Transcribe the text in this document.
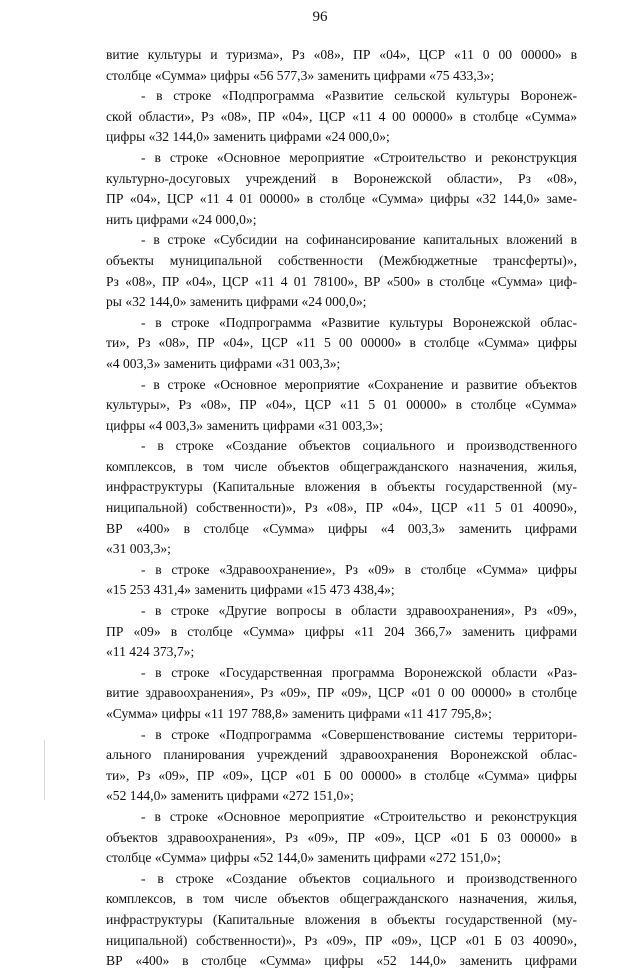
96
витие культуры и туризма», Рз «08», ПР «04», ЦСР «11 0 00 00000» в
столбце «Сумма» цифры «56 577,3» заменить цифрами «75 433,3»;
- в строке «Подпрограмма «Развитие сельской культуры Воронеж-
ской области», Рз «08», ПР «04», ЦСР «11 4 00 00000» в столбце «Сумма»
цифры «32 144,0» заменить цифрами «24 000,0»;
- в строке «Основное мероприятие «Строительство и реконструкция
культурно-досуговых учреждений в Воронежской области», Рз «08»,
ПР «04», ЦСР «11 4 01 00000» в столбце «Сумма» цифры «32 144,0» заме-
нить цифрами «24 000,0»;
- в строке «Субсидии на софинансирование капитальных вложений в
объекты муниципальной собственности (Межбюджетные трансферты)»,
Рз «08», ПР «04», ЦСР «11 4 01 78100», ВР «500» в столбце «Сумма» циф-
ры «32 144,0» заменить цифрами «24 000,0»;
- в строке «Подпрограмма «Развитие культуры Воронежской облас-
ти», Рз «08», ПР «04», ЦСР «11 5 00 00000» в столбце «Сумма» цифры
«4 003,3» заменить цифрами «31 003,3»;
- в строке «Основное мероприятие «Сохранение и развитие объектов
культуры», Рз «08», ПР «04», ЦСР «11 5 01 00000» в столбце «Сумма»
цифры «4 003,3» заменить цифрами «31 003,3»;
- в строке «Создание объектов социального и производственного
комплексов, в том числе объектов общегражданского назначения, жилья,
инфраструктуры (Капитальные вложения в объекты государственной (му-
ниципальной) собственности)», Рз «08», ПР «04», ЦСР «11 5 01 40090»,
ВР «400» в столбце «Сумма» цифры «4 003,3» заменить цифрами
«31 003,3»;
- в строке «Здравоохранение», Рз «09» в столбце «Сумма» цифры
«15 253 431,4» заменить цифрами «15 473 438,4»;
- в строке «Другие вопросы в области здравоохранения», Рз «09»,
ПР «09» в столбце «Сумма» цифры «11 204 366,7» заменить цифрами
«11 424 373,7»;
- в строке «Государственная программа Воронежской области «Раз-
витие здравоохранения», Рз «09», ПР «09», ЦСР «01 0 00 00000» в столбце
«Сумма» цифры «11 197 788,8» заменить цифрами «11 417 795,8»;
- в строке «Подпрограмма «Совершенствование системы территори-
ального планирования учреждений здравоохранения Воронежской облас-
ти», Рз «09», ПР «09», ЦСР «01 Б 00 00000» в столбце «Сумма» цифры
«52 144,0» заменить цифрами «272 151,0»;
- в строке «Основное мероприятие «Строительство и реконструкция
объектов здравоохранения», Рз «09», ПР «09», ЦСР «01 Б 03 00000» в
столбце «Сумма» цифры «52 144,0» заменить цифрами «272 151,0»;
- в строке «Создание объектов социального и производственного
комплексов, в том числе объектов общегражданского назначения, жилья,
инфраструктуры (Капитальные вложения в объекты государственной (му-
ниципальной) собственности)», Рз «09», ПР «09», ЦСР «01 Б 03 40090»,
ВР «400» в столбце «Сумма» цифры «52 144,0» заменить цифрами
